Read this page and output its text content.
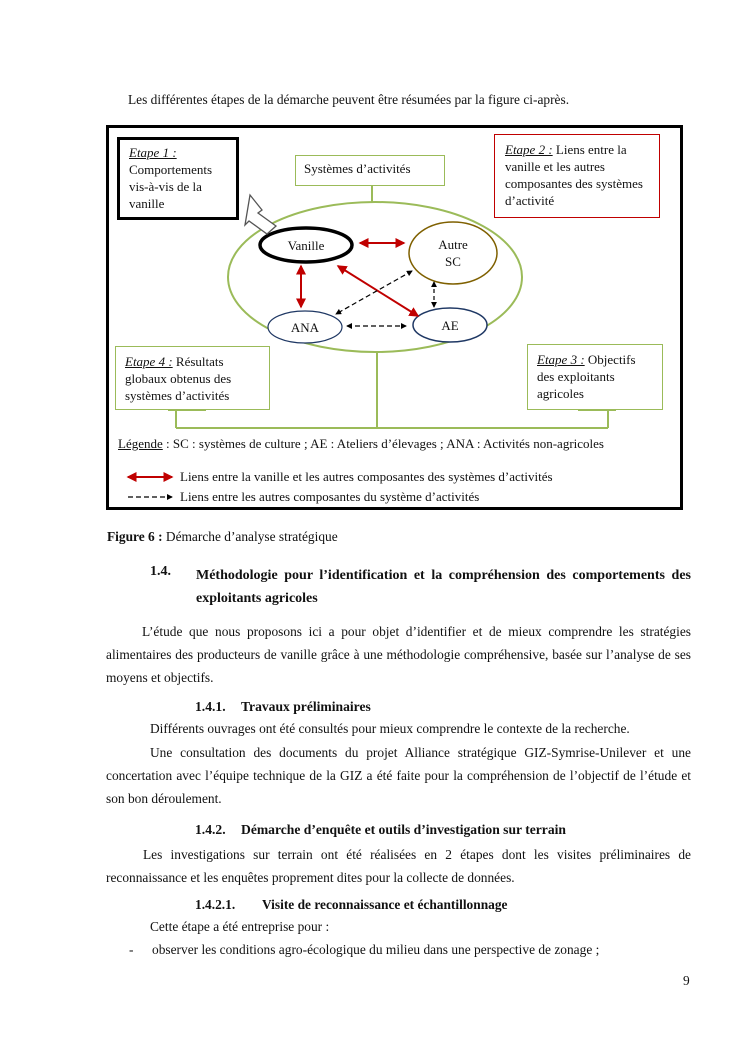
Les différentes étapes de la démarche peuvent être résumées par la figure ci-après.
Vanille	Autre SC
ANA	AE
Systèmes d’activités
Etape 1 :
Comportements vis-à-vis de la vanille
Etape 2 : Liens entre la vanille et les autres composantes des systèmes d’activité
Etape 4 : Résultats globaux obtenus des systèmes d’activités
Etape 3 : Objectifs des exploitants agricoles
Légende : SC : systèmes de culture ; AE : Ateliers d’élevages ; ANA : Activités non-agricoles
Liens entre la vanille et les autres composantes des systèmes d’activités
Liens entre les autres composantes du système d’activités
Figure 6 : Démarche d’analyse stratégique
1.4. Méthodologie pour l’identification et la compréhension des comportements des exploitants agricoles
L’étude que nous proposons ici a pour objet d’identifier et de mieux comprendre les stratégies alimentaires des producteurs de vanille grâce à une méthodologie compréhensive, basée sur l’analyse de ses moyens et objectifs.
1.4.1. Travaux préliminaires
Différents ouvrages ont été consultés pour mieux comprendre le contexte de la recherche.
Une consultation des documents du projet Alliance stratégique GIZ-Symrise-Unilever et une concertation avec l’équipe technique de la GIZ a été faite pour la compréhension de l’objectif de l’étude et son bon déroulement.
1.4.2. Démarche d’enquête et outils d’investigation sur terrain
Les investigations sur terrain ont été réalisées en 2 étapes dont les visites préliminaires de reconnaissance et les enquêtes proprement dites pour la collecte de données.
1.4.2.1. Visite de reconnaissance et échantillonnage
Cette étape a été entreprise pour :
- observer les conditions agro-écologique du milieu dans une perspective de zonage ;
9
